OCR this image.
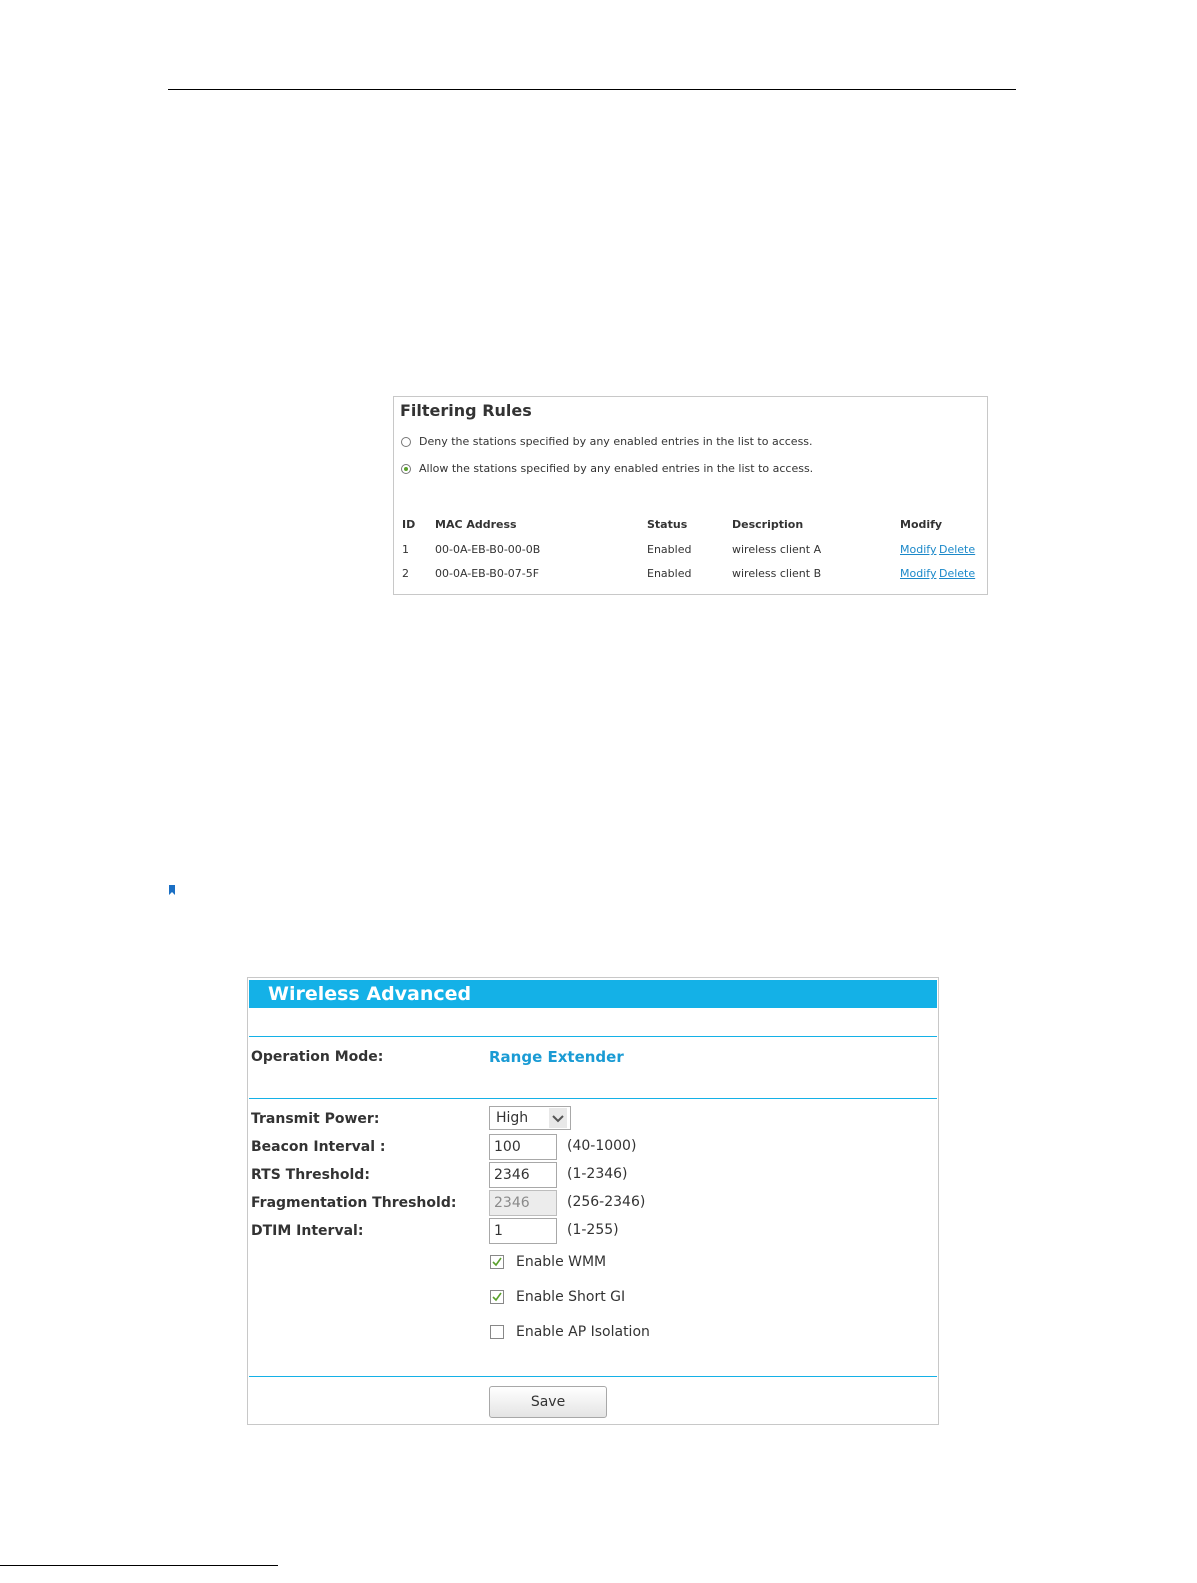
Filtering Rules
Deny the stations specified by any enabled entries in the list to access.
Allow the stations specified by any enabled entries in the list to access.
ID MAC Address	Status	Description	Modify
1 00-0A-EB-B0-00-0B	Enabled	wireless client A	Modify Delete
2 00-0A-EB-B0-07-5F	Enabled	wireless client B	Modify Delete
Wireless Advanced
Operation Mode:	Range Extender
Transmit Power:	High
Beacon Interval :	100	(40-1000)
RTS Threshold:	2346	(1-2346)
Fragmentation Threshold:	2346	(256-2346)
DTIM Interval:	1	(1-255)
Enable WMM
Enable Short GI
Enable AP Isolation
Save
